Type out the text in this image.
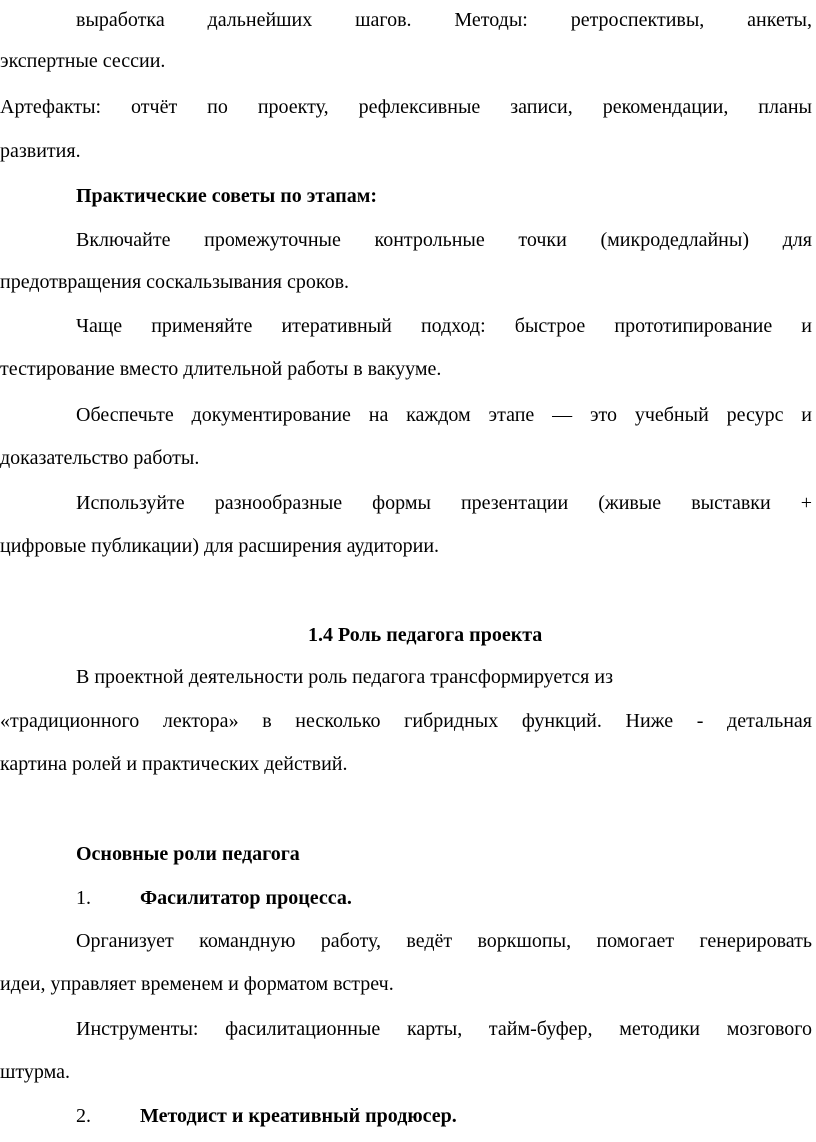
выработка дальнейших шагов. Методы: ретроспективы, анкеты,
экспертные сессии.
Артефакты: отчёт по проекту, рефлексивные записи, рекомендации, планы
развития.
Практические советы по этапам:
Включайте промежуточные контрольные точки (микродедлайны) для
предотвращения соскальзывания сроков.
Чаще применяйте итеративный подход: быстрое прототипирование и
тестирование вместо длительной работы в вакууме.
Обеспечьте документирование на каждом этапе — это учебный ресурс и
доказательство работы.
Используйте разнообразные формы презентации (живые выставки +
цифровые публикации) для расширения аудитории.
1.4 Роль педагога проекта
В проектной деятельности роль педагога трансформируется из
«традиционного лектора» в несколько гибридных функций. Ниже - детальная
картина ролей и практических действий.
Основные роли педагога
1. Фасилитатор процесса.
Организует командную работу, ведёт воркшопы, помогает генерировать
идеи, управляет временем и форматом встреч.
Инструменты: фасилитационные карты, тайм-буфер, методики мозгового
штурма.
2. Методист и креативный продюсер.
